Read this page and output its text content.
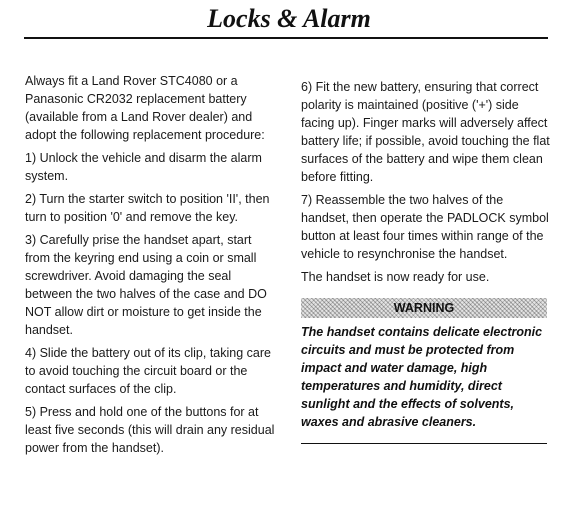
Locks & Alarm

Always fit a Land Rover STC4080 or a Panasonic CR2032 replacement battery (available from a Land Rover dealer) and adopt the following replacement procedure:

1) Unlock the vehicle and disarm the alarm system.

2) Turn the starter switch to position 'II', then turn to position '0' and remove the key.

3) Carefully prise the handset apart, start from the keyring end using a coin or small screwdriver. Avoid damaging the seal between the two halves of the case and DO NOT allow dirt or moisture to get inside the handset.

4) Slide the battery out of its clip, taking care to avoid touching the circuit board or the contact surfaces of the clip.

5) Press and hold one of the buttons for at least five seconds (this will drain any residual power from the handset).

6) Fit the new battery, ensuring that correct polarity is maintained (positive ('+') side facing up). Finger marks will adversely affect battery life; if possible, avoid touching the flat surfaces of the battery and wipe them clean before fitting.

7) Reassemble the two halves of the handset, then operate the PADLOCK symbol button at least four times within range of the vehicle to resynchronise the handset.

The handset is now ready for use.

WARNING
The handset contains delicate electronic circuits and must be protected from impact and water damage, high temperatures and humidity, direct sunlight and the effects of solvents, waxes and abrasive cleaners.
